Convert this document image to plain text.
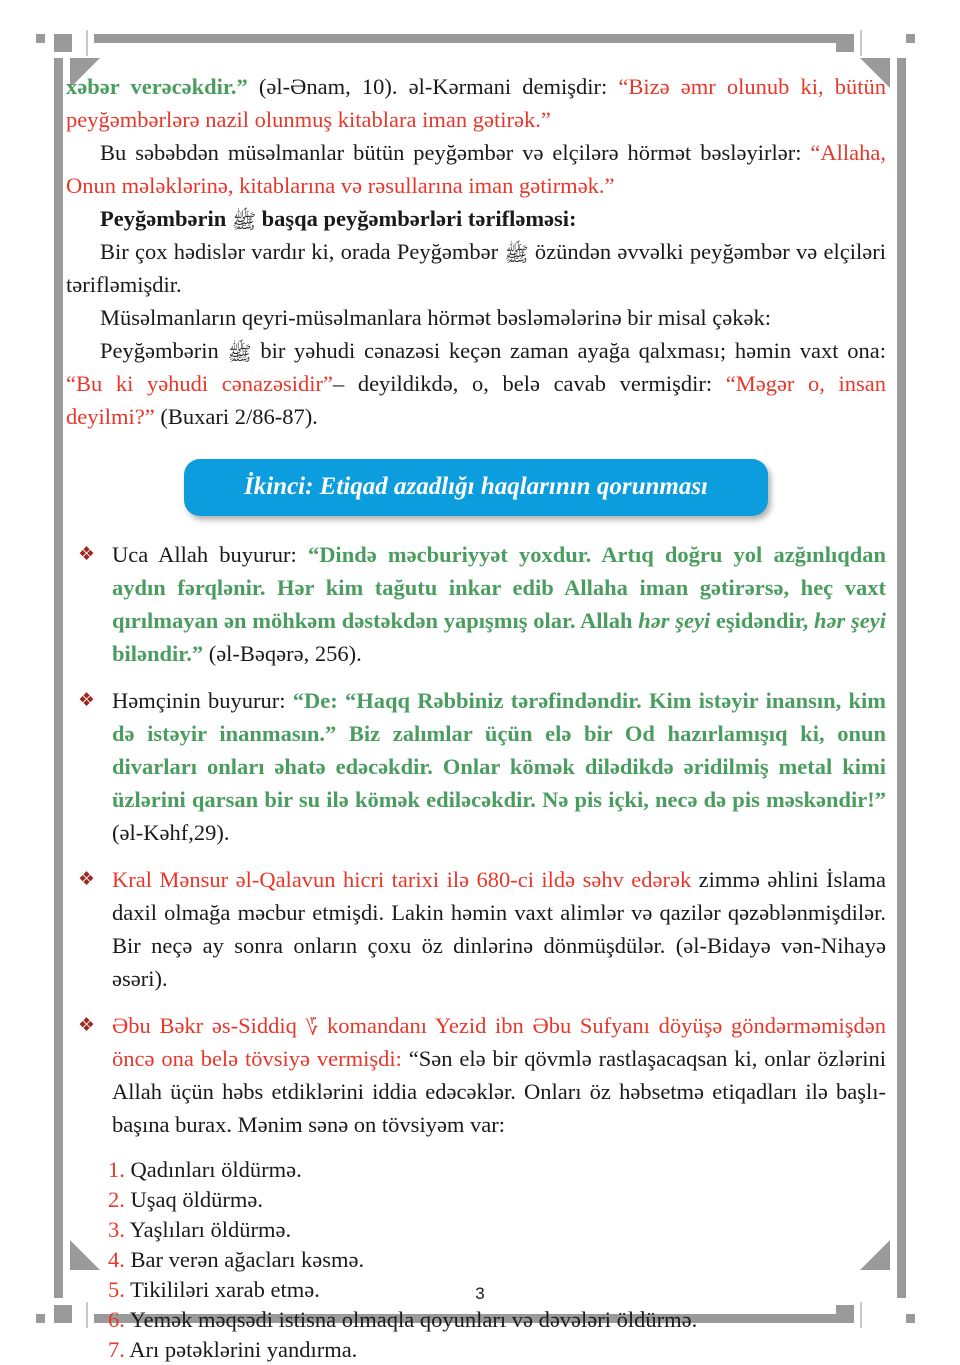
xəbər verəcəkdir.” (əl-Ənam, 10). əl-Kərmani demişdir: “Bizə əmr olunub ki, bütün peyğəmbərlərə nazil olunmuş kitablara iman gətirək.”

Bu səbəbdən müsəlmanlar bütün peyğəmbər və elçilərə hörmət bəsləyirlər: “Allaha, Onun mələklərinə, kitablarına və rəsullarına iman gətirmək.”

Peyğəmbərin ﷺ başqa peyğəmbərləri tərifləməsi:

Bir çox hədislər vardır ki, orada Peyğəmbər ﷺ özündən əvvəlki peyğəmbər və elçiləri tərifləmişdir.

Müsəlmanların qeyri-müsəlmanlara hörmət bəsləmələrinə bir misal çəkək:

Peyğəmbərin ﷺ bir yəhudi cənazəsi keçən zaman ayağa qalxması; həmin vaxt ona: “Bu ki yəhudi cənazəsidir”– deyildikdə, o, belə cavab vermişdir: “Məgər o, insan deyilmi?” (Buxari 2/86-87).

İkinci: Etiqad azadlığı haqlarının qorunması
❖ Uca Allah buyurur: “Dində məcburiyyət yoxdur. Artıq doğru yol azğınlıqdan aydın fərqlənir. Hər kim tağutu inkar edib Allaha iman gətirərsə, heç vaxt qırılmayan ən möhkəm dəstəkdən yapışmış olar. Allah hər şeyi eşidəndir, hər şeyi biləndir.” (əl-Bəqərə, 256).

❖ Həmçinin buyurur: “De: “Haqq Rəbbiniz tərəfindəndir. Kim istəyir inansın, kim də istəyir inanmasın.” Biz zalımlar üçün elə bir Od hazırlamışıq ki, onun divarları onları əhatə edəcəkdir. Onlar kömək dilədikdə əridilmiş metal kimi üzlərini qarsan bir su ilə kömək ediləcəkdir. Nə pis içki, necə də pis məskəndir!” (əl-Kəhf,29).

❖ Kral Mənsur əl-Qalavun hicri tarixi ilə 680-ci ildə səhv edərək zimmə əhlini İslama daxil olmağa məcbur etmişdi. Lakin həmin vaxt alimlər və qazilər qəzəblənmişdilər. Bir neçə ay sonra onların çoxu öz dinlərinə dönmüşdülər. (əl-Bidayə vən-Nihayə əsəri).

❖ Əbu Bəkr əs-Siddiq ؆ komandanı Yezid ibn Əbu Sufyanı döyüşə göndərməmişdən öncə ona belə tövsiyə vermişdi: “Sən elə bir qövmlə rastlaşacaqsan ki, onlar özlərini Allah üçün həbs etdiklərini iddia edəcəklər. Onları öz həbsetmə etiqadları ilə başlı-başına burax. Mənim sənə on tövsiyəm var:

1. Qadınları öldürmə.
2. Uşaq öldürmə.
3. Yaşlıları öldürmə.
4. Bar verən ağacları kəsmə.
5. Tikililəri xarab etmə.
6. Yemək məqsədi istisna olmaqla qoyunları və dəvələri öldürmə.
7. Arı pətəklərini yandırma.
3
